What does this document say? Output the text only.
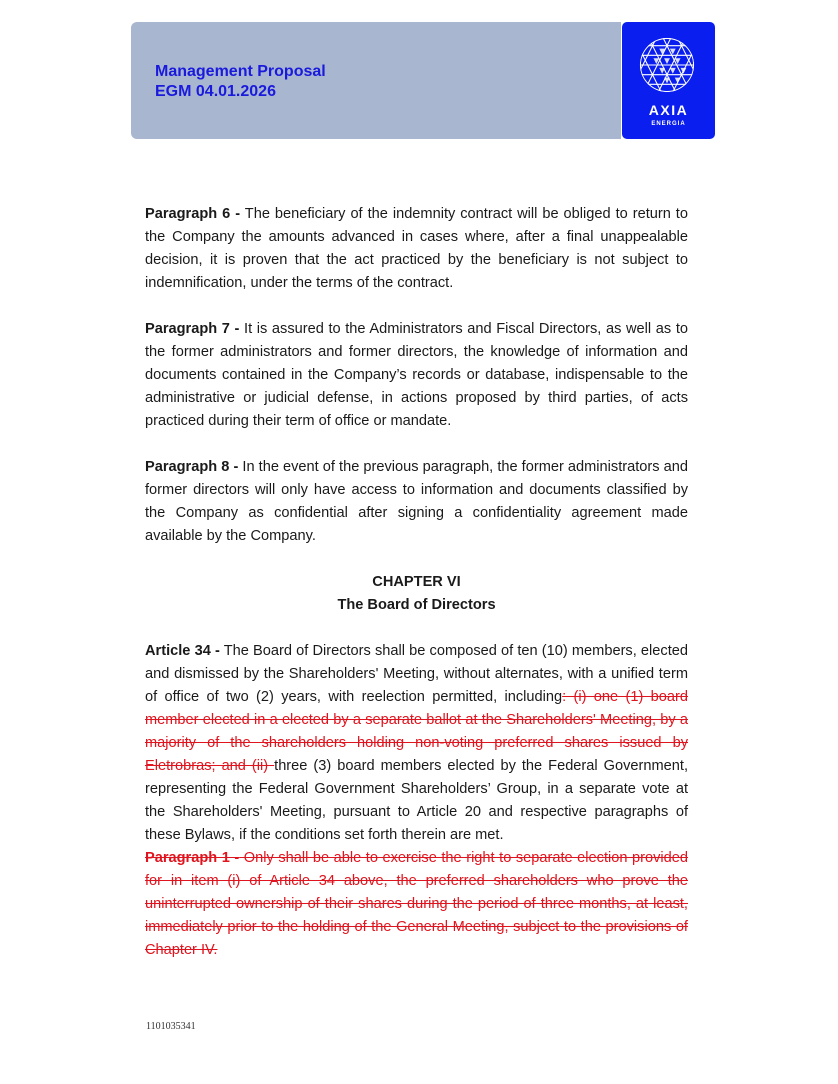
Management Proposal
EGM 04.01.2026
AXIA
ENERGIA

Paragraph 6 - The beneficiary of the indemnity contract will be obliged to return to the Company the amounts advanced in cases where, after a final unappealable decision, it is proven that the act practiced by the beneficiary is not subject to indemnification, under the terms of the contract.

Paragraph 7 - It is assured to the Administrators and Fiscal Directors, as well as to the former administrators and former directors, the knowledge of information and documents contained in the Company’s records or database, indispensable to the administrative or judicial defense, in actions proposed by third parties, of acts practiced during their term of office or mandate.

Paragraph 8 - In the event of the previous paragraph, the former administrators and former directors will only have access to information and documents classified by the Company as confidential after signing a confidentiality agreement made available by the Company.

CHAPTER VI

The Board of Directors

Article 34 - The Board of Directors shall be composed of ten (10) members, elected and dismissed by the Shareholders' Meeting, without alternates, with a unified term of office of two (2) years, with reelection permitted, including: (i) one (1) board member elected in a elected by a separate ballot at the Shareholders' Meeting, by a majority of the shareholders holding non-voting preferred shares issued by Eletrobras; and (ii) three (3) board members elected by the Federal Government, representing the Federal Government Shareholders’ Group, in a separate vote at the Shareholders' Meeting, pursuant to Article 20 and respective paragraphs of these Bylaws, if the conditions set forth therein are met.

Paragraph 1 - Only shall be able to exercise the right to separate election provided for in item (i) of Article 34 above, the preferred shareholders who prove the uninterrupted ownership of their shares during the period of three months, at least, immediately prior to the holding of the General Meeting, subject to the provisions of Chapter IV.

1101035341
